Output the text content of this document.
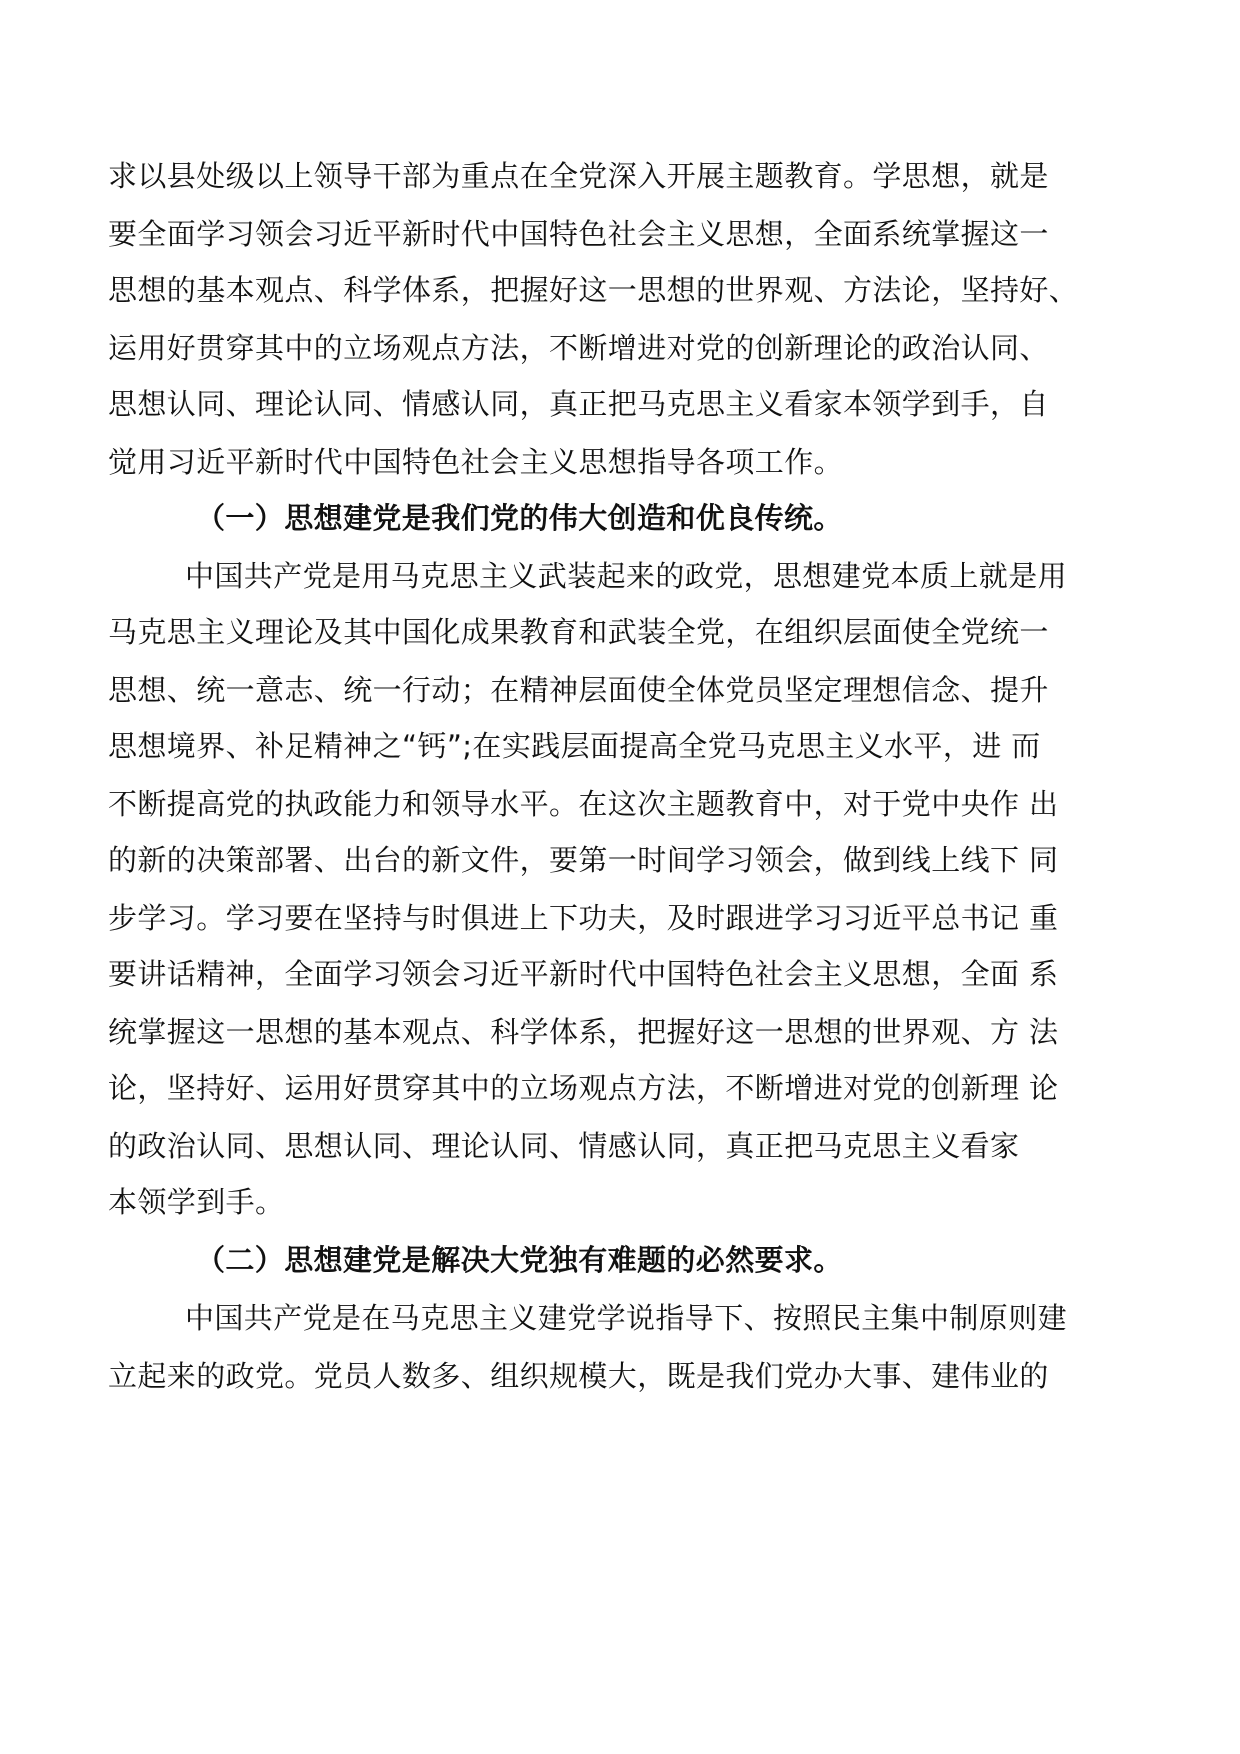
求以县处级以上领导干部为重点在全党深入开展主题教育。学思想，就是
要全面学习领会习近平新时代中国特色社会主义思想，全面系统掌握这一
思想的基本观点、科学体系，把握好这一思想的世界观、方法论，坚持好、
运用好贯穿其中的立场观点方法，不断增进对党的创新理论的政治认同、
思想认同、理论认同、情感认同，真正把马克思主义看家本领学到手，自
觉用习近平新时代中国特色社会主义思想指导各项工作。
（一）思想建党是我们党的伟大创造和优良传统。
中国共产党是用马克思主义武装起来的政党，思想建党本质上就是用
马克思主义理论及其中国化成果教育和武装全党，在组织层面使全党统一
思想、统一意志、统一行动；在精神层面使全体党员坚定理想信念、提升
思想境界、补足精神之“钙”;在实践层面提高全党马克思主义水平，进 而
不断提高党的执政能力和领导水平。在这次主题教育中，对于党中央作 出
的新的决策部署、出台的新文件，要第一时间学习领会，做到线上线下 同
步学习。学习要在坚持与时俱进上下功夫，及时跟进学习习近平总书记 重
要讲话精神，全面学习领会习近平新时代中国特色社会主义思想，全面 系
统掌握这一思想的基本观点、科学体系，把握好这一思想的世界观、方 法
论，坚持好、运用好贯穿其中的立场观点方法，不断增进对党的创新理 论
的政治认同、思想认同、理论认同、情感认同，真正把马克思主义看家
本领学到手。
（二）思想建党是解决大党独有难题的必然要求。
中国共产党是在马克思主义建党学说指导下、按照民主集中制原则建
立起来的政党。党员人数多、组织规模大，既是我们党办大事、建伟业的
